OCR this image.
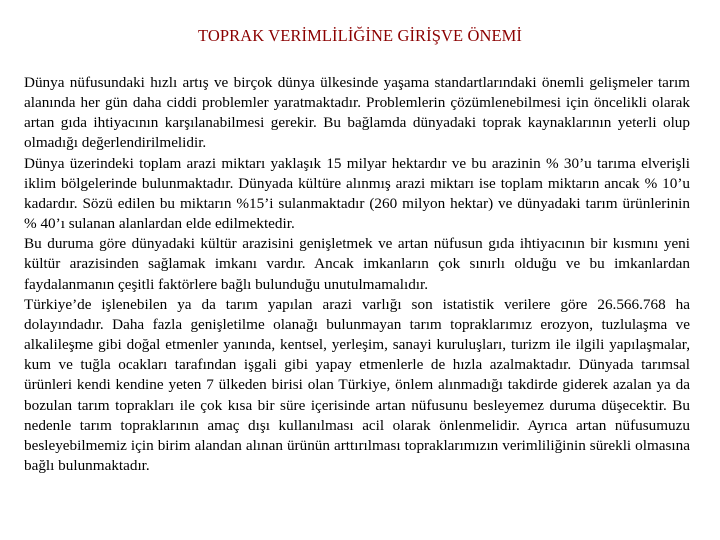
TOPRAK VERİMLİLİĞİNE GİRİŞVE ÖNEMİ

Dünya nüfusundaki hızlı artış ve birçok dünya ülkesinde yaşama standartlarındaki önemli gelişmeler tarım alanında her gün daha ciddi problemler yaratmaktadır. Problemlerin çözümlenebilmesi için öncelikli olarak artan gıda ihtiyacının karşılanabilmesi gerekir. Bu bağlamda dünyadaki toprak kaynaklarının yeterli olup olmadığı değerlendirilmelidir.

Dünya üzerindeki toplam arazi miktarı yaklaşık 15 milyar hektardır ve bu arazinin % 30’u tarıma elverişli iklim bölgelerinde bulunmaktadır. Dünyada kültüre alınmış arazi miktarı ise toplam miktarın ancak % 10’u kadardır. Sözü edilen bu miktarın %15’i sulanmaktadır (260 milyon hektar) ve dünyadaki tarım ürünlerinin % 40’ı sulanan alanlardan elde edilmektedir.

Bu duruma göre dünyadaki kültür arazisini genişletmek ve artan nüfusun gıda ihtiyacının bir kısmını yeni kültür arazisinden sağlamak imkanı vardır. Ancak imkanların çok sınırlı olduğu ve bu imkanlardan faydalanmanın çeşitli faktörlere bağlı bulunduğu unutulmamalıdır.

Türkiye’de işlenebilen ya da tarım yapılan arazi varlığı son istatistik verilere göre 26.566.768 ha dolayındadır. Daha fazla genişletilme olanağı bulunmayan tarım topraklarımız erozyon, tuzlulaşma ve alkalileşme gibi doğal etmenler yanında, kentsel, yerleşim, sanayi kuruluşları, turizm ile ilgili yapılaşmalar, kum ve tuğla ocakları tarafından işgali gibi yapay etmenlerle de hızla azalmaktadır. Dünyada tarımsal ürünleri kendi kendine yeten 7 ülkeden birisi olan Türkiye, önlem alınmadığı takdirde giderek azalan ya da bozulan tarım toprakları ile çok kısa bir süre içerisinde artan nüfusunu besleyemez duruma düşecektir. Bu nedenle tarım topraklarının amaç dışı kullanılması acil olarak önlenmelidir. Ayrıca artan nüfusumuzu besleyebilmemiz için birim alandan alınan ürünün arttırılması topraklarımızın verimliliğinin sürekli olmasına bağlı bulunmaktadır.
